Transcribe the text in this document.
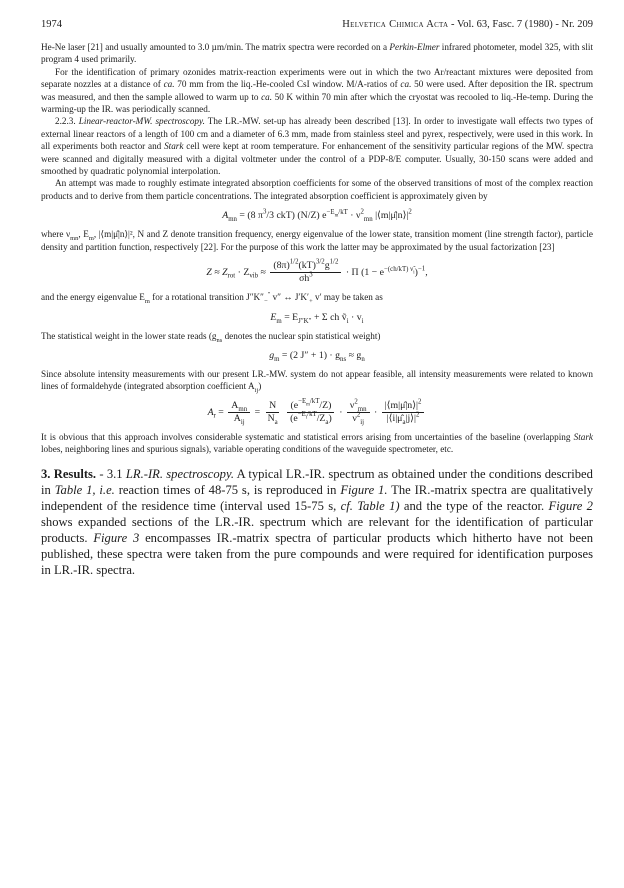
1974	Helvetica Chimica Acta - Vol. 63, Fasc. 7 (1980) - Nr. 209

He-Ne laser [21] and usually amounted to 3.0 µm/min. The matrix spectra were recorded on a Perkin-Elmer infrared photometer, model 325, with slit program 4 used primarily.

For the identification of primary ozonides matrix-reaction experiments were out in which the two Ar/reactant mixtures were deposited from separate nozzles at a distance of ca. 70 mm from the liq.-He-cooled CsI window. M/A-ratios of ca. 50 were used. After deposition the IR. spectrum was measured, and then the sample allowed to warm up to ca. 50 K within 70 min after which the cryostat was recooled to liq.-He-temp. During the warming-up the IR. was periodically scanned.

2.2.3. Linear-reactor-MW. spectroscopy. The LR.-MW. set-up has already been described [13]. In order to investigate wall effects two types of external linear reactors of a length of 100 cm and a diameter of 6.3 mm, made from stainless steel and pyrex, respectively, were used in this work. In all experiments both reactor and Stark cell were kept at room temperature. For enhancement of the sensitivity particular regions of the MW. spectra were scanned and digitally measured with a digital voltmeter under the control of a PDP-8/E computer. Usually, 30-150 scans were added and smoothed by quadratic polynomial interpolation.

An attempt was made to roughly estimate integrated absorption coefficients for some of the observed transitions of most of the complex reaction products and to derive from them particle concentrations. The integrated absorption coefficient is approximately given by

$A_{mn} = (8$ $\pi^3/3$ ckT) (N/Z) $e^{-E_m/kT} \cdot \nu^2_{mn}$ $|⟨m|\mû|n⟩|^2$

where $\nu_{mn}$, $E_m$, |⟨m|μ̂|n⟩|², N and Z denote transition frequency, energy eigenvalue of the lower state, transition moment (line strength factor), particle density and partition function, respectively [22]. For the purpose of this work the latter may be approximated by the usual factorization [23]

$Z \approx Z_{rot} \cdot Z_{vib} \approx \frac{(8\pi)^{1/2}(kT)^{3/2}g^{1/2}}{\sigma h^3} \cdot \Pi$ $(1 - e^{-(ch/kT) \nũ_i})^{-1}$,

and the energy eigenvalue $E_m$ for a rotational transition $J''K''_-''$ v″ ↔ $J'K'_+$ v′ may be taken as

$E_m = E_{J''K''} + \Sigma$ ch ṽ$_i$ · $v_i$

The statistical weight in the lower state reads ($g_{ns}$ denotes the nuclear spin statistical weight)

$g_m = (2$ $J'' + 1) \cdot g_{ns} \approx g_n$

Since absolute intensity measurements with our present LR.-MW. system do not appear feasible, all intensity measurements were related to known lines of formaldehyde (integrated absorption coefficient $A_{ij}$)

$A_r = \frac{A_{mn}}{A_{ij}} = \frac{N}{N_a}$
$\frac{(e^{-E_m/kT}/Z)}{(e^{-E_i/kT}/Z_a)} \cdot \frac{\nu^2_{mn}}{\nu^2_{ij}} \cdot \frac{|⟨m|\mû|n⟩|^2}{|⟨i|\mû_a|j⟩|^2}$

It is obvious that this approach involves considerable systematic and statistical errors arising from uncertainties of the baseline (overlapping Stark lobes, neighboring lines and spurious signals), variable operating conditions of the waveguide spectrometer, etc.

3. Results. - 3.1 LR.-IR. spectroscopy. A typical LR.-IR. spectrum as obtained under the conditions described in Table 1, i.e. reaction times of 48-75 s, is reproduced in Figure 1. The IR.-matrix spectra are qualitatively independent of the residence time (interval used 15-75 s, cf. Table 1) and the type of the reactor. Figure 2 shows expanded sections of the LR.-IR. spectrum which are relevant for the identification of particular products. Figure 3 encompasses IR.-matrix spectra of particular products which hitherto have not been published, these spectra were taken from the pure compounds and were required for identification purposes in LR.-IR. spectra.
